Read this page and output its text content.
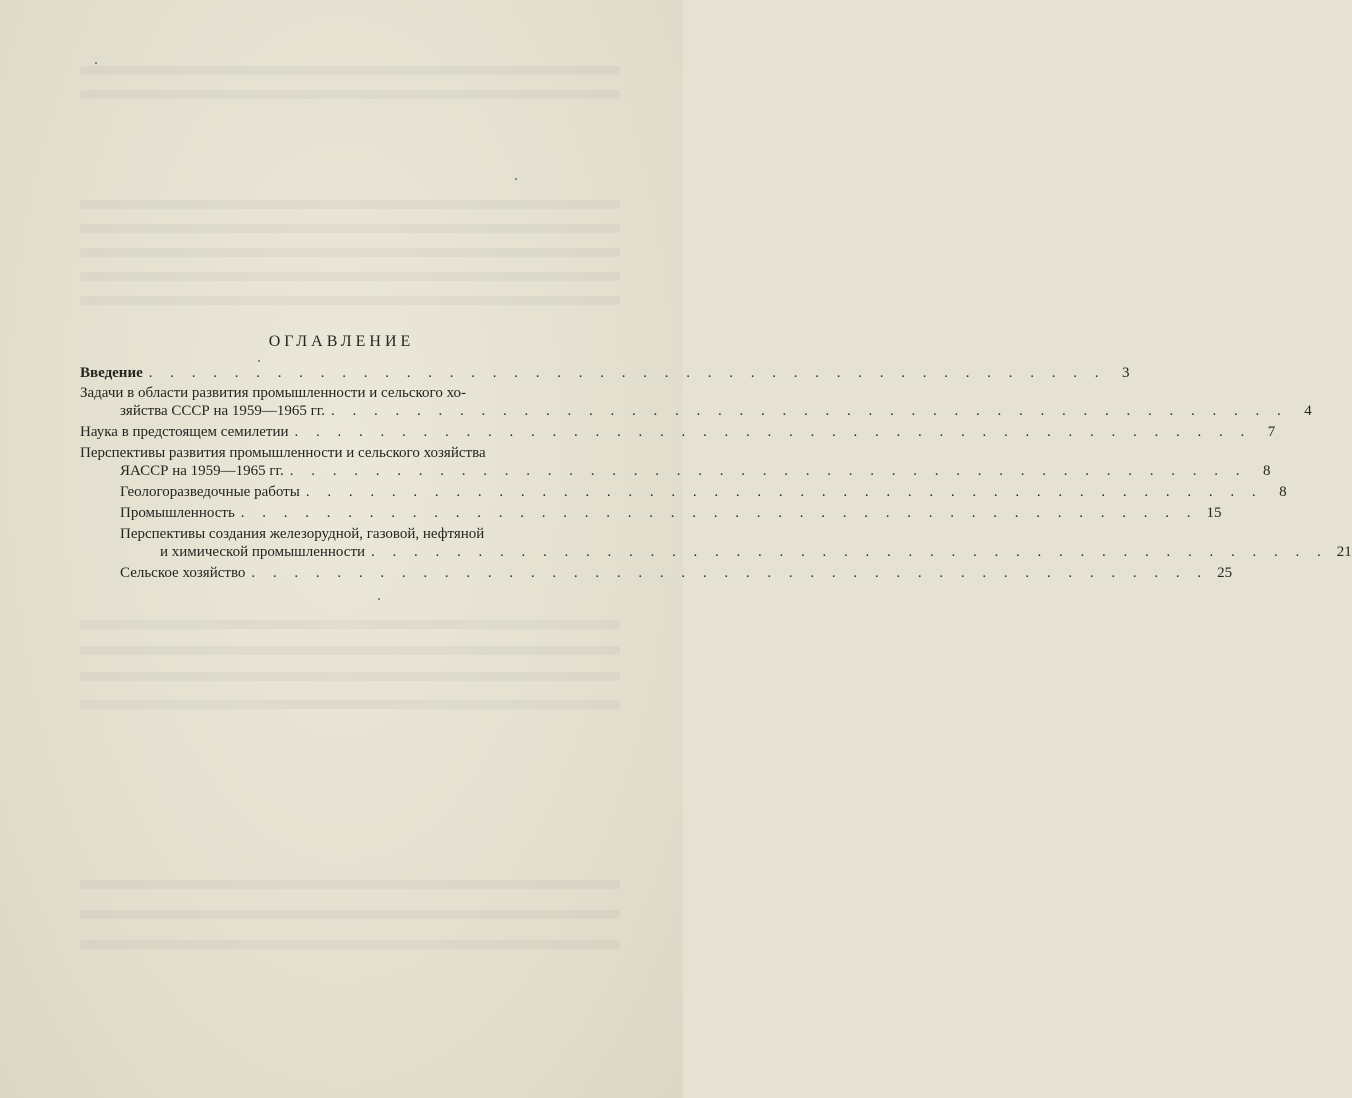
ОГЛАВЛЕНИЕ
Введение . . . . . . . . . . . . . . . . . . . . . . . . . . . . . . . . . . . . . . . . . . . . .	3
Задачи в области развития промышленности и сельского хо-
зяйства СССР на 1959—1965 гг. . . . . . . . . . . . . . . . . . . . . . . . . . . . . . . . . . . . . . . . . . . . . .	4
Наука в предстоящем семилетии . . . . . . . . . . . . . . . . . . . . . . . . . . . . . . . . . . . . . . . . . . . . .	7
Перспективы развития промышленности и сельского хозяйства
ЯАССР на 1959—1965 гг. . . . . . . . . . . . . . . . . . . . . . . . . . . . . . . . . . . . . . . . . . . . . .	8
Геологоразведочные работы . . . . . . . . . . . . . . . . . . . . . . . . . . . . . . . . . . . . . . . . . . . . .	8
Промышленность . . . . . . . . . . . . . . . . . . . . . . . . . . . . . . . . . . . . . . . . . . . . . 15
Перспективы создания железорудной, газовой, нефтяной
и химической промышленности . . . . . . . . . . . . . . . . . . . . . . . . . . . . . . . . . . . . . . . . . . . . . 21
Сельское хозяйство . . . . . . . . . . . . . . . . . . . . . . . . . . . . . . . . . . . . . . . . . . . . . 25
